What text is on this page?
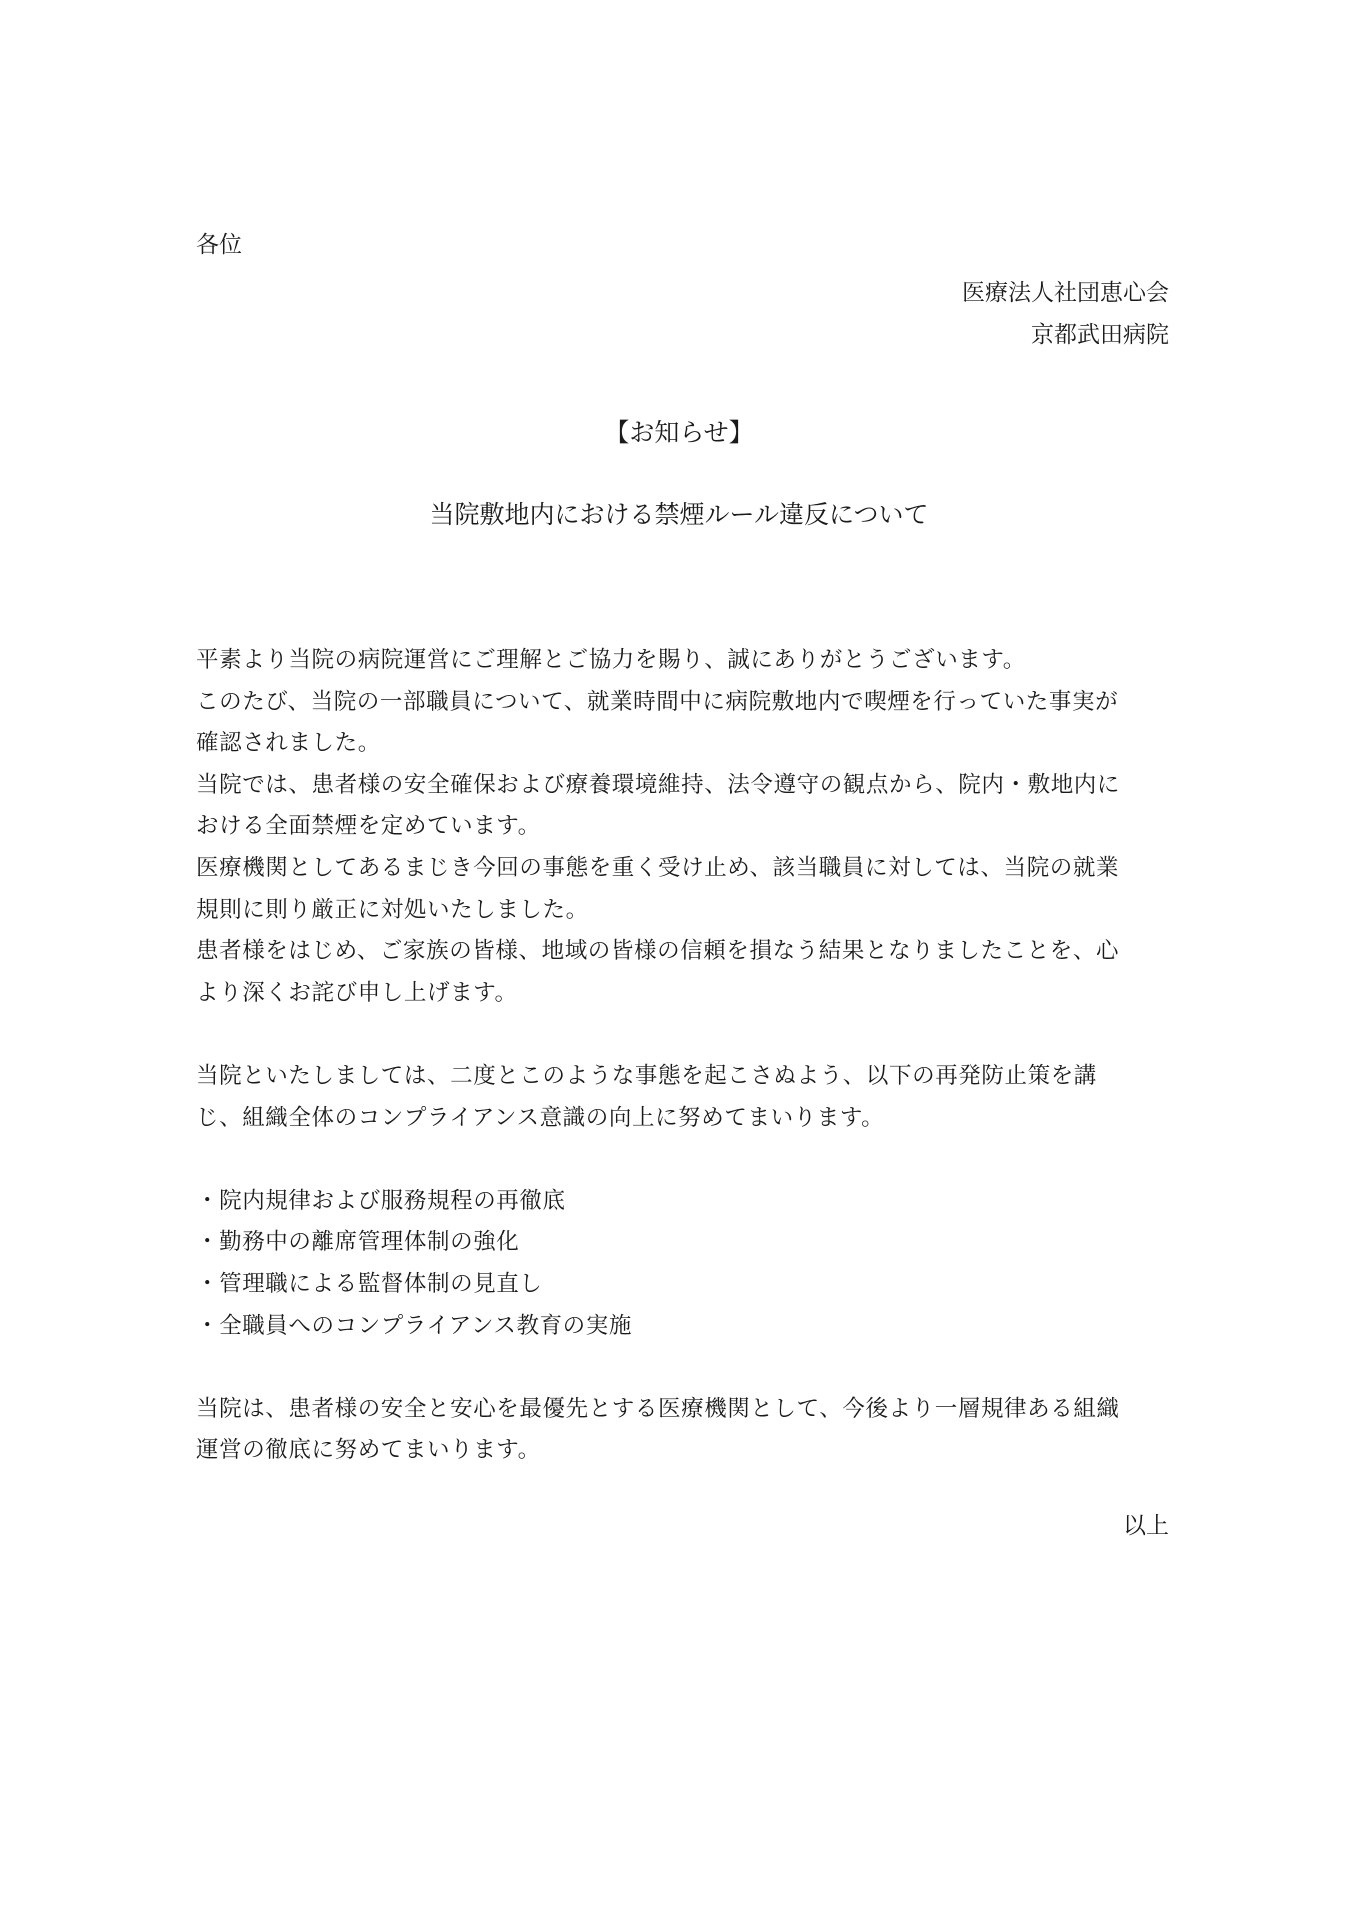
各位

医療法人社団恵心会
京都武田病院
【お知らせ】
当院敷地内における禁煙ルール違反について

平素より当院の病院運営にご理解とご協力を賜り、誠にありがとうございます。

このたび、当院の一部職員について、就業時間中に病院敷地内で喫煙を行っていた事実が

確認されました。

当院では、患者様の安全確保および療養環境維持、法令遵守の観点から、院内・敷地内に

おける全面禁煙を定めています。

医療機関としてあるまじき今回の事態を重く受け止め、該当職員に対しては、当院の就業

規則に則り厳正に対処いたしました。

患者様をはじめ、ご家族の皆様、地域の皆様の信頼を損なう結果となりましたことを、心

より深くお詫び申し上げます。

当院といたしましては、二度とこのような事態を起こさぬよう、以下の再発防止策を講

じ、組織全体のコンプライアンス意識の向上に努めてまいります。

・院内規律および服務規程の再徹底
・勤務中の離席管理体制の強化
・管理職による監督体制の見直し
・全職員へのコンプライアンス教育の実施

当院は、患者様の安全と安心を最優先とする医療機関として、今後より一層規律ある組織

運営の徹底に努めてまいります。

以上
